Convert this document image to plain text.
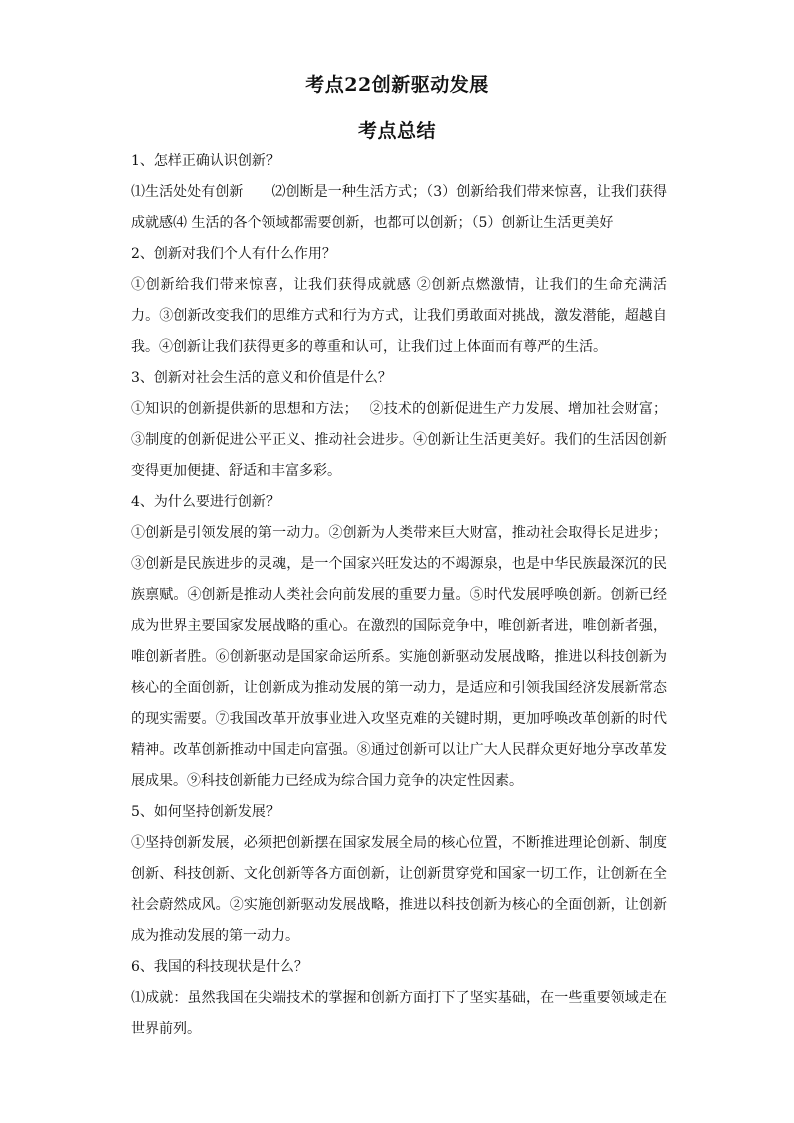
考点22创新驱动发展
考点总结
1、怎样正确认识创新？
⑴生活处处有创新　　⑵创断是一种生活方式；（3）创新给我们带来惊喜，让我们获得成就感⑷ 生活的各个领域都需要创新，也都可以创新；（5）创新让生活更美好
2、创新对我们个人有什么作用？
①创新给我们带来惊喜，让我们获得成就感 ②创新点燃激情，让我们的生命充满活力。③创新改变我们的思维方式和行为方式，让我们勇敢面对挑战，激发潜能，超越自我。④创新让我们获得更多的尊重和认可，让我们过上体面而有尊严的生活。
3、创新对社会生活的意义和价值是什么？
①知识的创新提供新的思想和方法；　 ②技术的创新促进生产力发展、增加社会财富；③制度的创新促进公平正义、推动社会进步。④创新让生活更美好。我们的生活因创新变得更加便捷、舒适和丰富多彩。
4、为什么要进行创新？
①创新是引领发展的第一动力。②创新为人类带来巨大财富，推动社会取得长足进步；③创新是民族进步的灵魂，是一个国家兴旺发达的不竭源泉，也是中华民族最深沉的民族禀赋。④创新是推动人类社会向前发展的重要力量。⑤时代发展呼唤创新。创新已经成为世界主要国家发展战略的重心。在激烈的国际竞争中，唯创新者进，唯创新者强，唯创新者胜。⑥创新驱动是国家命运所系。实施创新驱动发展战略，推进以科技创新为核心的全面创新，让创新成为推动发展的第一动力，是适应和引领我国经济发展新常态的现实需要。⑦我国改革开放事业进入攻坚克难的关键时期，更加呼唤改革创新的时代精神。改革创新推动中国走向富强。⑧通过创新可以让广大人民群众更好地分享改革发展成果。⑨科技创新能力已经成为综合国力竞争的决定性因素。
5、如何坚持创新发展？
①坚持创新发展，必须把创新摆在国家发展全局的核心位置，不断推进理论创新、制度创新、科技创新、文化创新等各方面创新，让创新贯穿党和国家一切工作，让创新在全社会蔚然成风。②实施创新驱动发展战略，推进以科技创新为核心的全面创新，让创新成为推动发展的第一动力。
6、我国的科技现状是什么？
⑴成就：虽然我国在尖端技术的掌握和创新方面打下了坚实基础，在一些重要领域走在世界前列。
